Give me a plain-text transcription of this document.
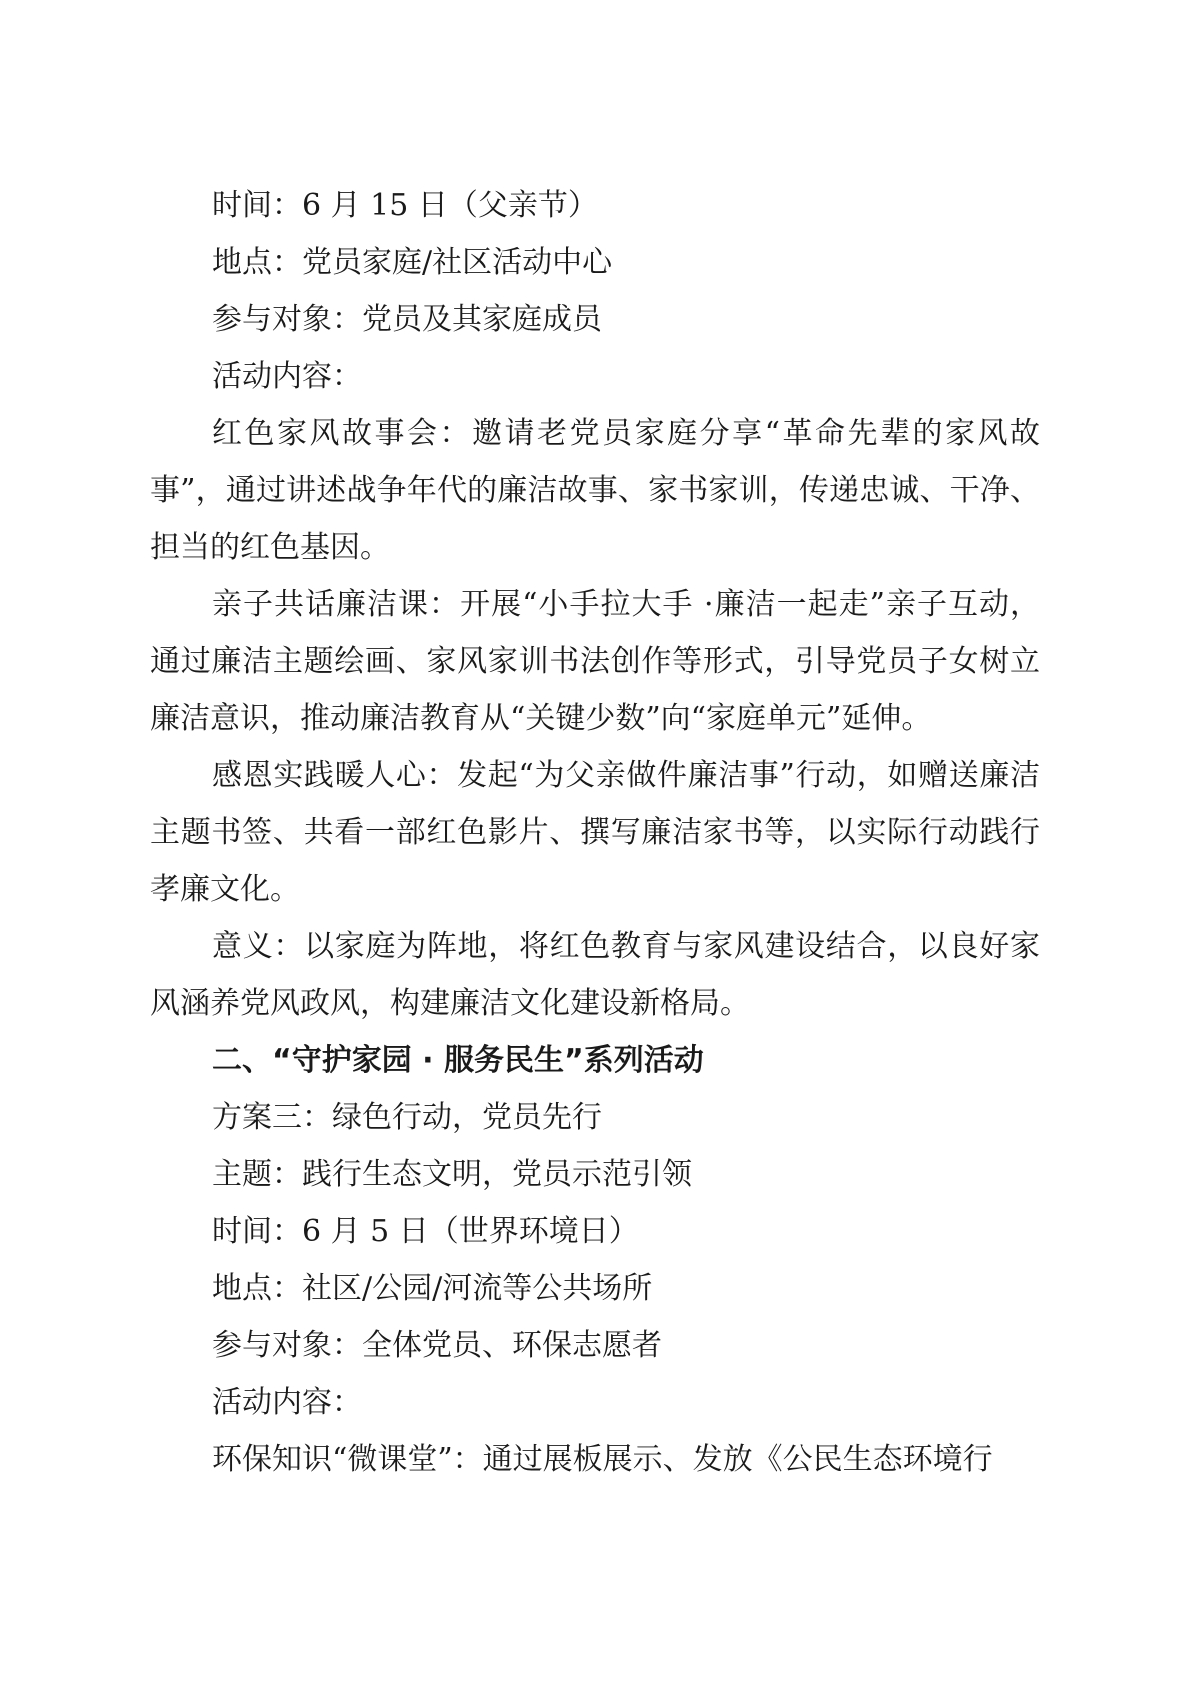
时间：6 月 15 日（父亲节）
地点：党员家庭/社区活动中心
参与对象：党员及其家庭成员
活动内容：

红色家风故事会：邀请老党员家庭分享“革命先辈的家风故事”，通过讲述战争年代的廉洁故事、家书家训，传递忠诚、干净、担当的红色基因。

亲子共话廉洁课：开展“小手拉大手 ·廉洁一起走”亲子互动，通过廉洁主题绘画、家风家训书法创作等形式，引导党员子女树立廉洁意识，推动廉洁教育从“关键少数”向“家庭单元”延伸。

感恩实践暖人心：发起“为父亲做件廉洁事”行动，如赠送廉洁主题书签、共看一部红色影片、撰写廉洁家书等，以实际行动践行孝廉文化。

意义：以家庭为阵地，将红色教育与家风建设结合，以良好家风涵养党风政风，构建廉洁文化建设新格局。

二、“守护家园 · 服务民生”系列活动
方案三：绿色行动，党员先行
主题：践行生态文明，党员示范引领
时间：6 月 5 日（世界环境日）
地点：社区/公园/河流等公共场所
参与对象：全体党员、环保志愿者
活动内容：
环保知识“微课堂”：通过展板展示、发放《公民生态环境行
